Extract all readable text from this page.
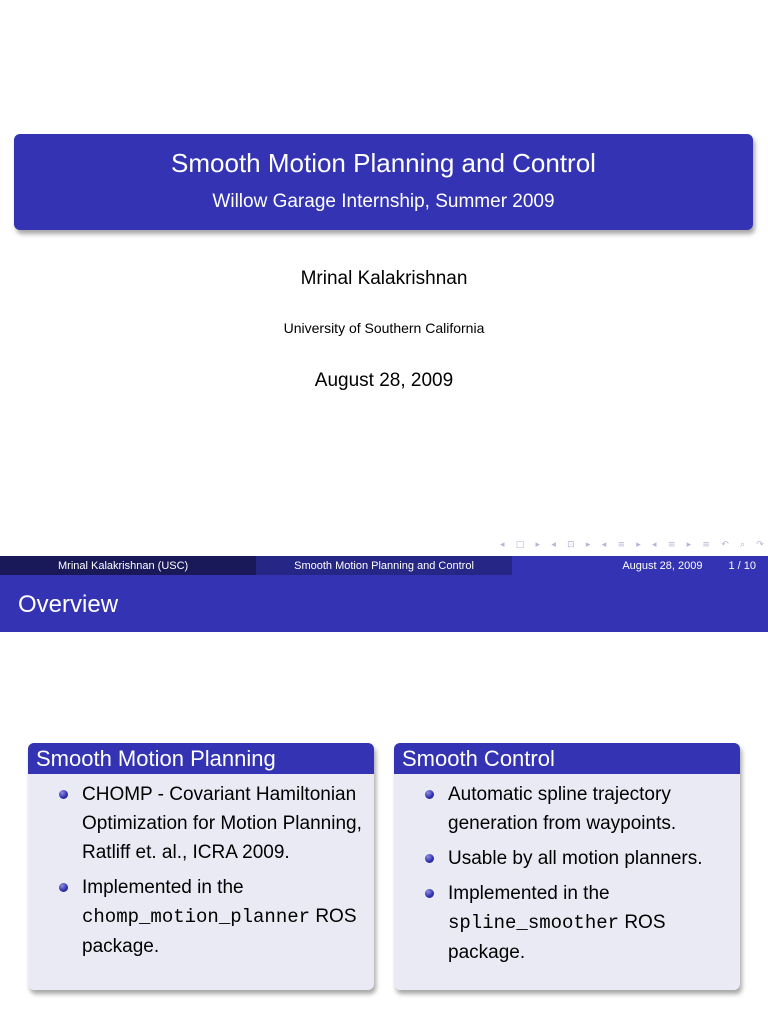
Smooth Motion Planning and Control
Willow Garage Internship, Summer 2009
Mrinal Kalakrishnan
University of Southern California
August 28, 2009
◂ □ ▸ ◂ ⊡ ▸ ◂ ≡ ▸ ◂ ≡ ▸ ≡ ↶ ⌕ ↷
Mrinal Kalakrishnan (USC)	Smooth Motion Planning and Control	August 28, 2009 1 / 10
Overview
Smooth Motion Planning
CHOMP - Covariant Hamiltonian Optimization for Motion Planning, Ratliff et. al., ICRA 2009.
Implemented in the chomp_motion_planner ROS package.
Smooth Control
Automatic spline trajectory generation from waypoints.
Usable by all motion planners.
Implemented in the spline_smoother ROS package.
